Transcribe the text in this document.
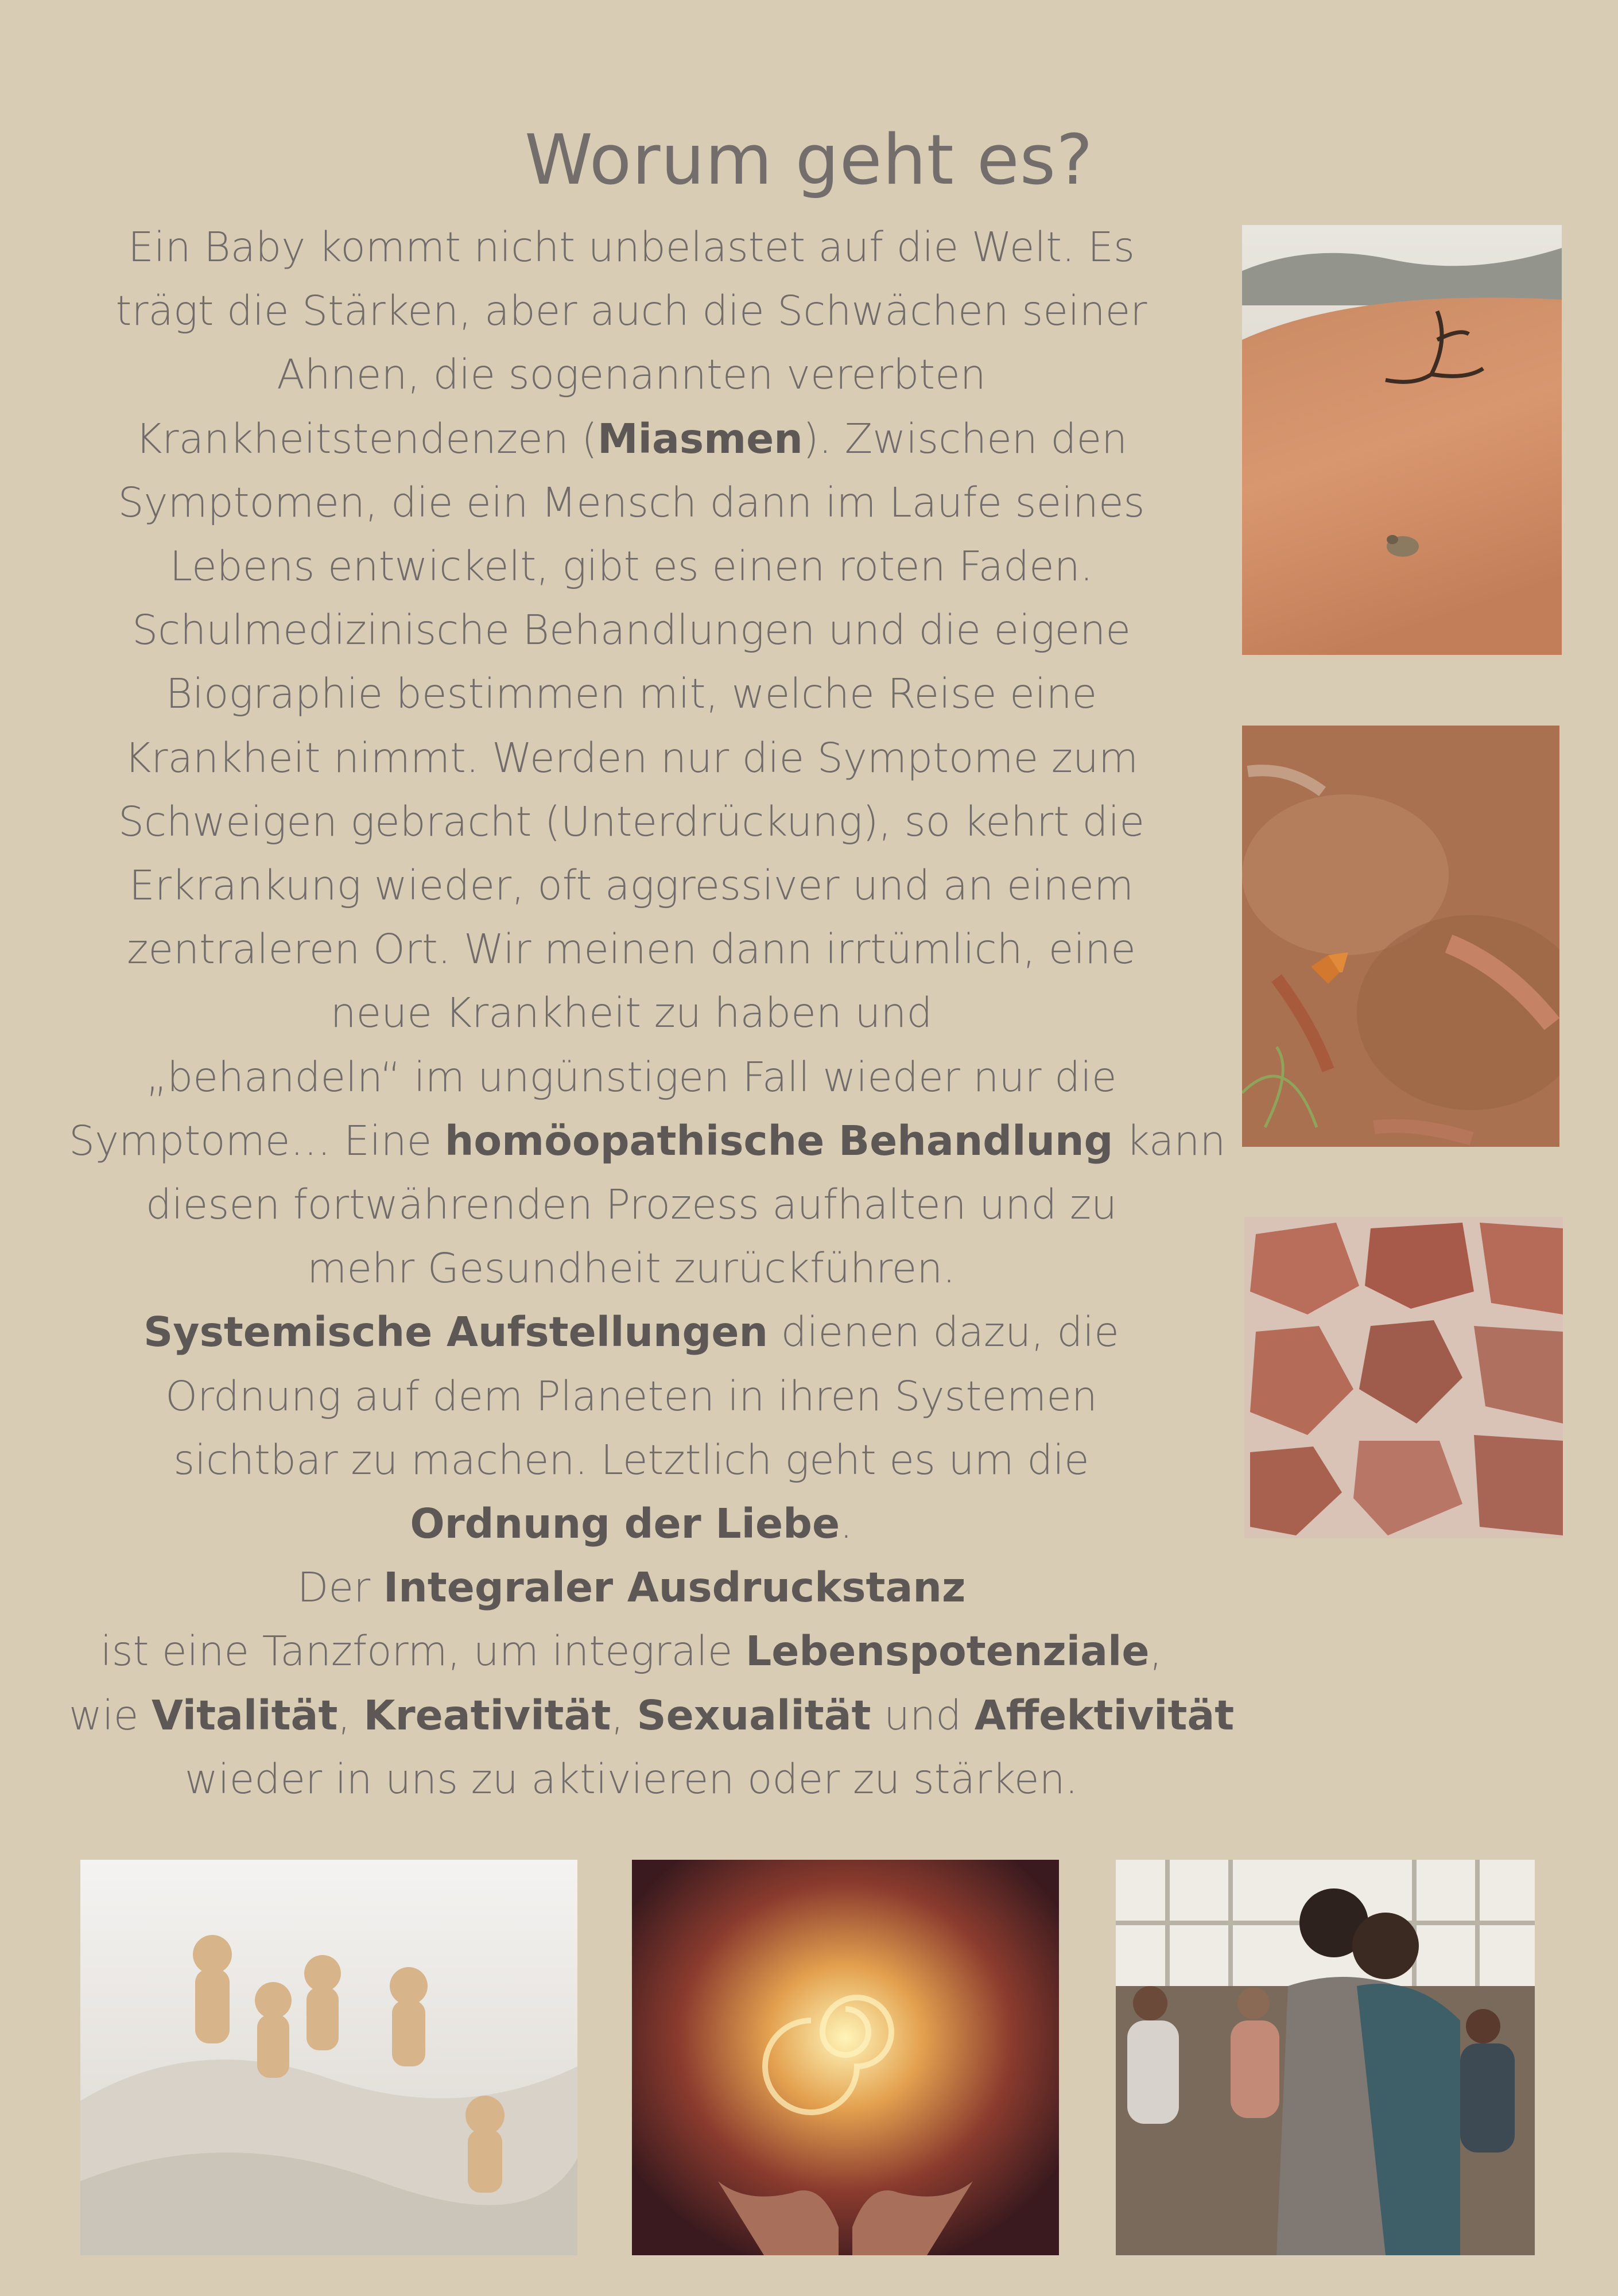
Worum geht es?
Ein Baby kommt nicht unbelastet auf die Welt. Es
trägt die Stärken, aber auch die Schwächen seiner
Ahnen, die sogenannten vererbten
Krankheitstendenzen (Miasmen). Zwischen den
Symptomen, die ein Mensch dann im Laufe seines
Lebens entwickelt, gibt es einen roten Faden.
Schulmedizinische Behandlungen und die eigene
Biographie bestimmen mit, welche Reise eine
Krankheit nimmt. Werden nur die Symptome zum
Schweigen gebracht (Unterdrückung), so kehrt die
Erkrankung wieder, oft aggressiver und an einem
zentraleren Ort. Wir meinen dann irrtümlich, eine
neue Krankheit zu haben und
„behandeln“ im ungünstigen Fall wieder nur die
Symptome… Eine homöopathische Behandlung kann
diesen fortwährenden Prozess aufhalten und zu
mehr Gesundheit zurückführen.
Systemische Aufstellungen dienen dazu, die
Ordnung auf dem Planeten in ihren Systemen
sichtbar zu machen. Letztlich geht es um die
Ordnung der Liebe.
Der Integraler Ausdruckstanz
ist eine Tanzform, um integrale Lebenspotenziale,
wie Vitalität, Kreativität, Sexualität und Affektivität
wieder in uns zu aktivieren oder zu stärken.
